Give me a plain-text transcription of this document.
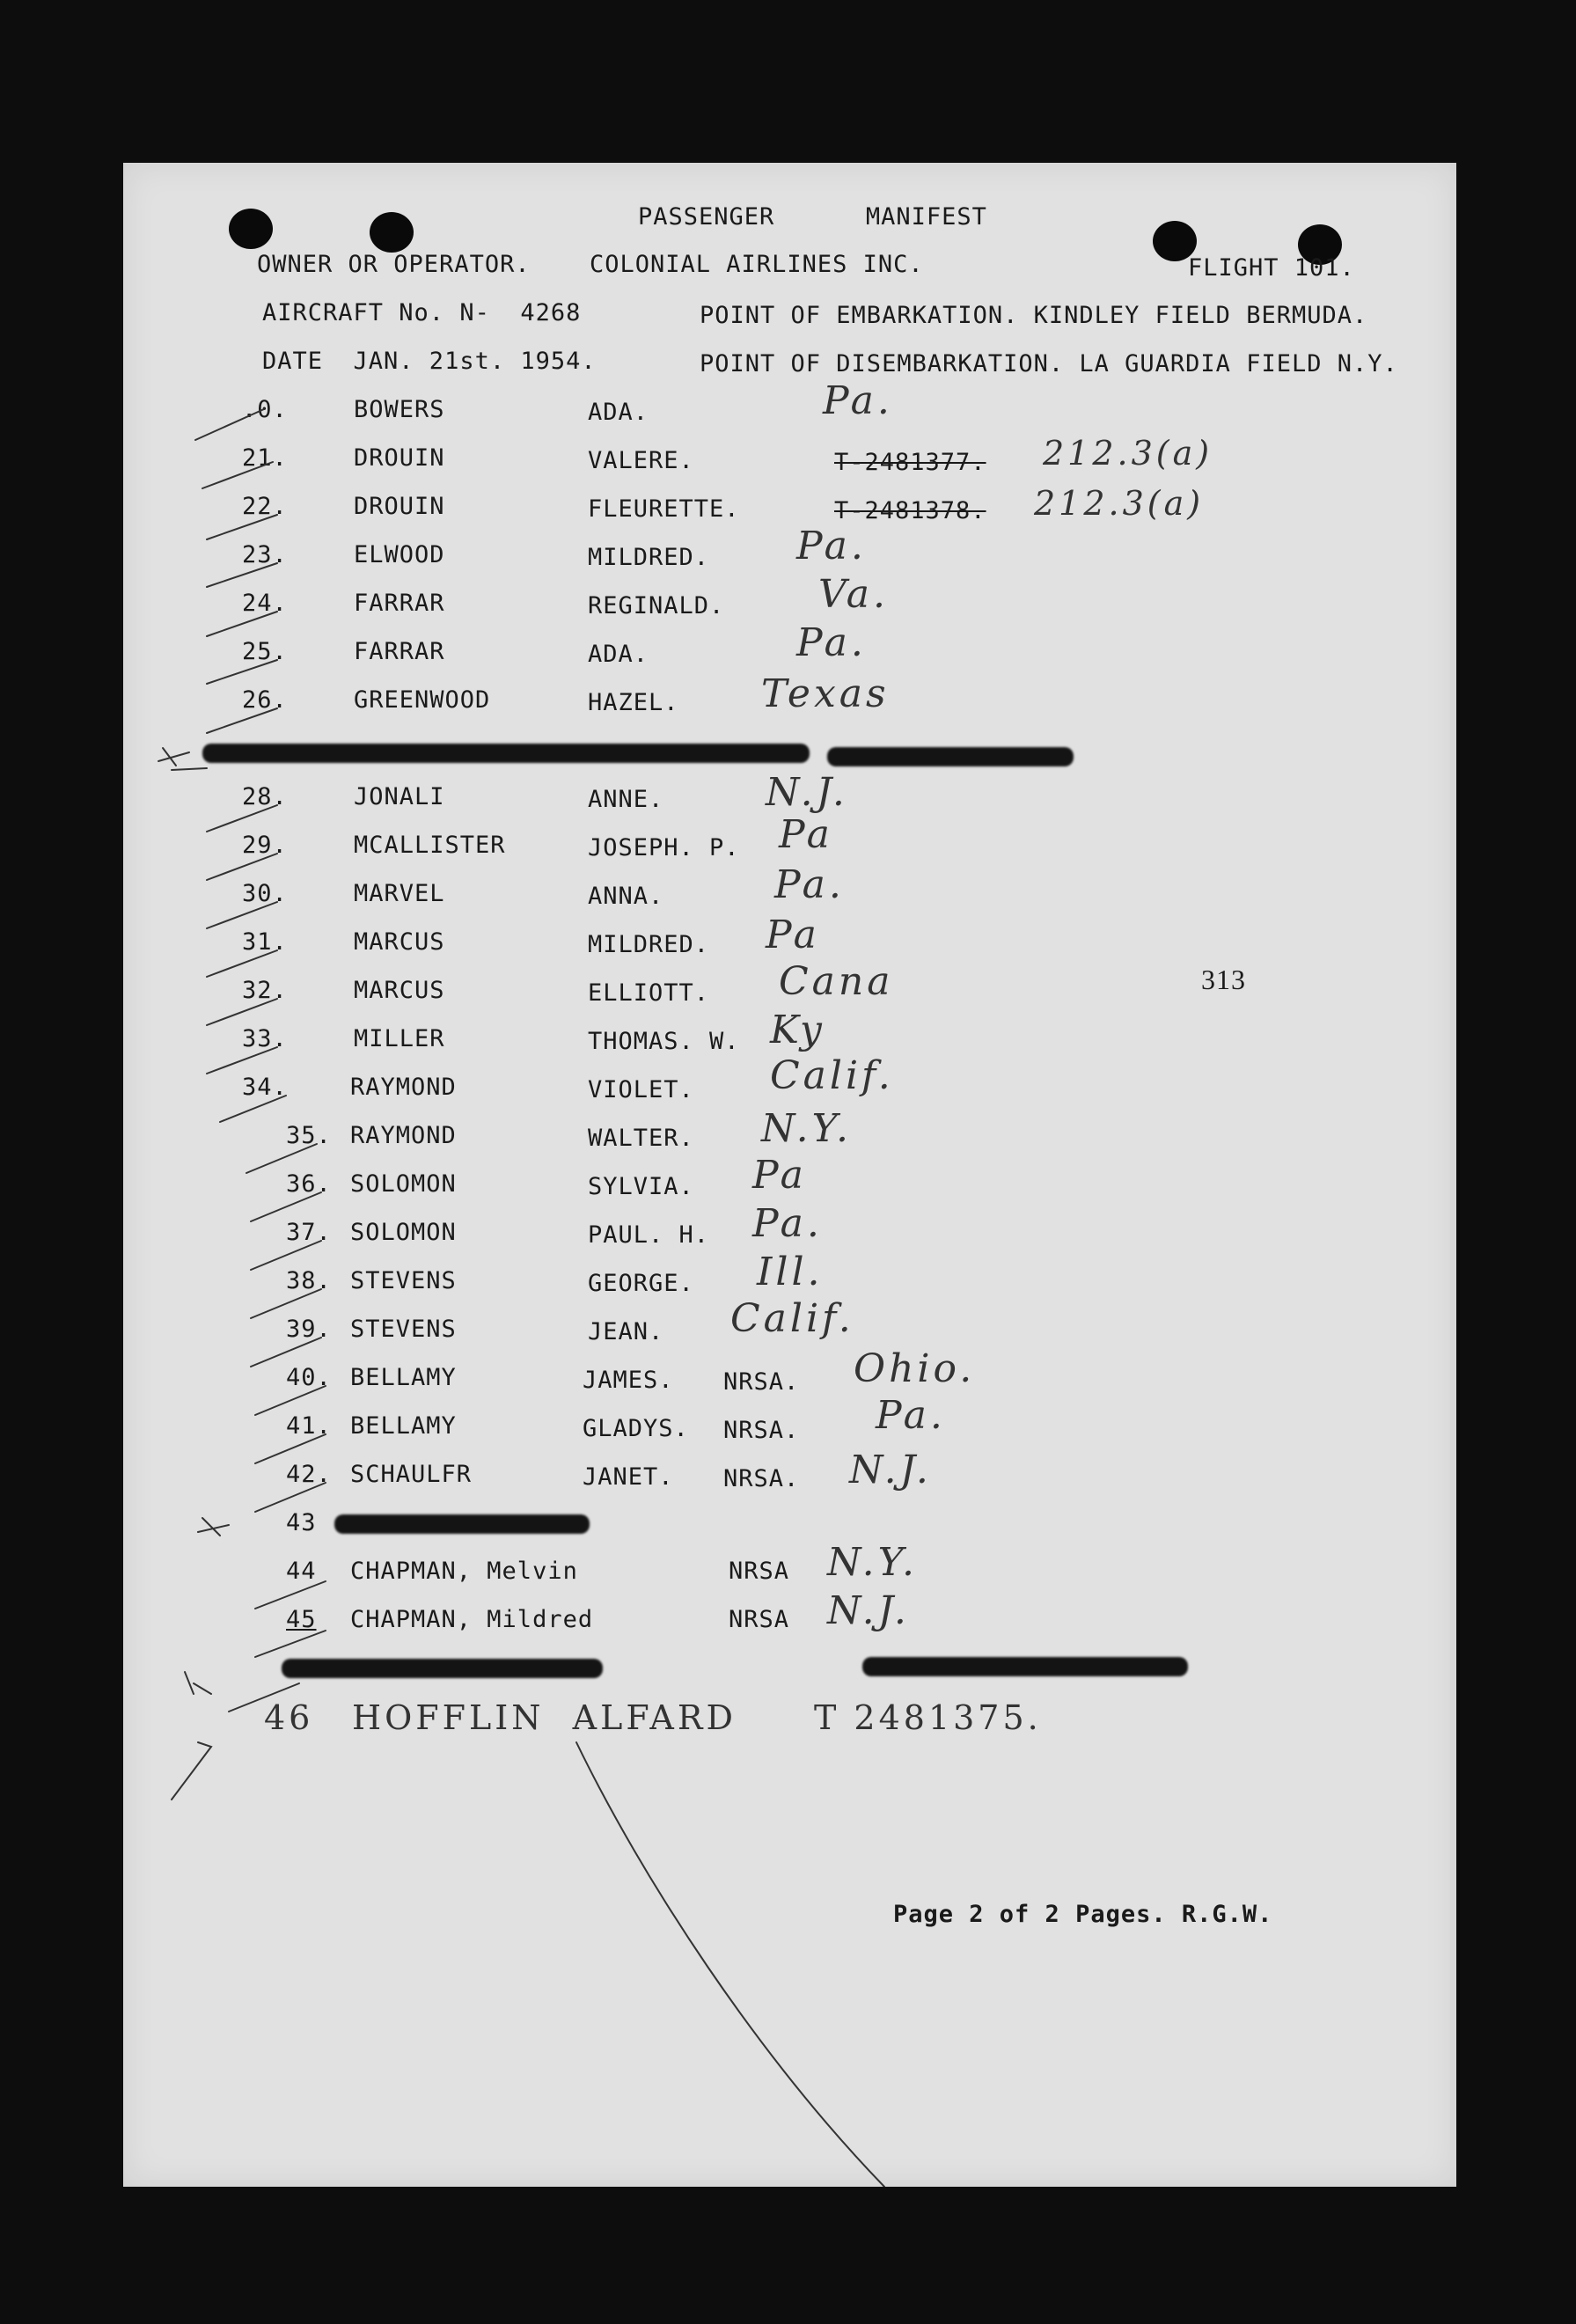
PASSENGER      MANIFEST
OWNER OR OPERATOR. COLONIAL AIRLINES INC.	FLIGHT 101.
AIRCRAFT No. N-  4268	POINT OF EMBARKATION. KINDLEY FIELD BERMUDA.
DATE  JAN. 21st. 1954.	POINT OF DISEMBARKATION. LA GUARDIA FIELD N.Y.
.0.	BOWERS	ADA.	Pa.
21.	DROUIN	VALERE.	T-2481377. 212.3(a)
22.	DROUIN	FLEURETTE.	T-2481378. 212.3(a)
23.	ELWOOD	MILDRED. Pa.
24.	FARRAR	REGINALD. Va.
25.	FARRAR	ADA.	Pa.
26.	GREENWOOD	HAZEL. Texas
28.	JONALI	ANNE.	N.J.
29.	MCALLISTER	JOSEPH. P. Pa
30.	MARVEL	ANNA.	Pa.
31.	MARCUS	MILDRED. Pa
32.	MARCUS	ELLIOTT. Cana	313
33.	MILLER	THOMAS. W. Ky
34.	RAYMOND	VIOLET. Calif.
35. RAYMOND	WALTER. N.Y.
36. SOLOMON	SYLVIA. Pa
37. SOLOMON	PAUL. H. Pa.
38. STEVENS	GEORGE. Ill.
39. STEVENS	JEAN. Calif.
40. BELLAMY	JAMES. NRSA. Ohio.
41. BELLAMY	GLADYS. NRSA. Pa.
42. SCHAULFR	JANET. NRSA. N.J.
43
44 CHAPMAN, Melvin	NRSA N.Y.
45 CHAPMAN, Mildred	NRSA N.J.
46 HOFFLIN  ALFARD T 2481375.
Page 2 of 2 Pages. R.G.W.
